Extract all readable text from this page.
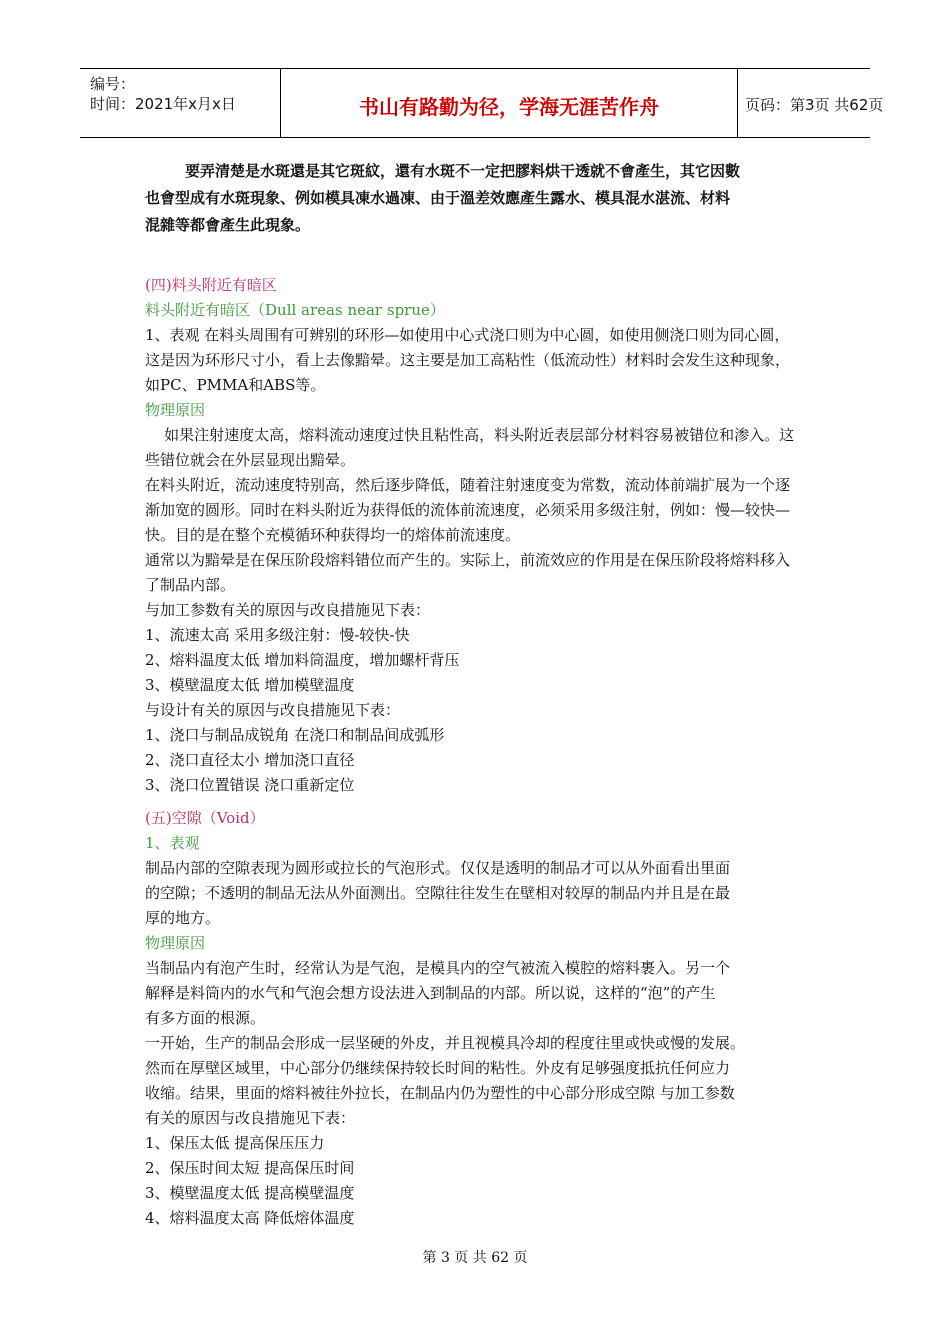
编号：
时间：2021年x月x日	书山有路勤为径，学海无涯苦作舟	页码：第3页 共62页
要弄清楚是水斑還是其它斑紋，還有水斑不一定把膠料烘干透就不會產生，其它因數
也會型成有水斑現象、例如模具凍水過凍、由于溫差效應產生露水、模具混水湛流、材料
混雜等都會產生此現象。
(四)料头附近有暗区
料头附近有暗区（Dull areas near sprue）
1、表观 在料头周围有可辨别的环形—如使用中心式浇口则为中心圆，如使用侧浇口则为同心圆，
这是因为环形尺寸小，看上去像黯晕。这主要是加工高粘性（低流动性）材料时会发生这种现象，
如PC、PMMA和ABS等。
物理原因
如果注射速度太高，熔料流动速度过快且粘性高，料头附近表层部分材料容易被错位和渗入。这
些错位就会在外层显现出黯晕。
在料头附近，流动速度特别高，然后逐步降低，随着注射速度变为常数，流动体前端扩展为一个逐
渐加宽的圆形。同时在料头附近为获得低的流体前流速度，必须采用多级注射，例如：慢—较快—
快。目的是在整个充模循环种获得均一的熔体前流速度。
通常以为黯晕是在保压阶段熔料错位而产生的。实际上，前流效应的作用是在保压阶段将熔料移入
了制品内部。
与加工参数有关的原因与改良措施见下表：
1、流速太高 采用多级注射：慢-较快-快
2、熔料温度太低 增加料筒温度，增加螺杆背压
3、模壁温度太低 增加模壁温度
与设计有关的原因与改良措施见下表：
1、浇口与制品成锐角 在浇口和制品间成弧形
2、浇口直径太小 增加浇口直径
3、浇口位置错误 浇口重新定位
(五)空隙（Void）
1、表观
制品内部的空隙表现为圆形或拉长的气泡形式。仅仅是透明的制品才可以从外面看出里面
的空隙；不透明的制品无法从外面测出。空隙往往发生在壁相对较厚的制品内并且是在最
厚的地方。
物理原因
当制品内有泡产生时，经常认为是气泡，是模具内的空气被流入模腔的熔料裹入。另一个
解释是料筒内的水气和气泡会想方设法进入到制品的内部。所以说，这样的“泡”的产生
有多方面的根源。
一开始，生产的制品会形成一层坚硬的外皮，并且视模具冷却的程度往里或快或慢的发展。
然而在厚壁区域里，中心部分仍继续保持较长时间的粘性。外皮有足够强度抵抗任何应力
收缩。结果，里面的熔料被往外拉长，在制品内仍为塑性的中心部分形成空隙 与加工参数
有关的原因与改良措施见下表：
1、保压太低 提高保压压力
2、保压时间太短 提高保压时间
3、模壁温度太低 提高模壁温度
4、熔料温度太高 降低熔体温度
第 3 页 共 62 页
